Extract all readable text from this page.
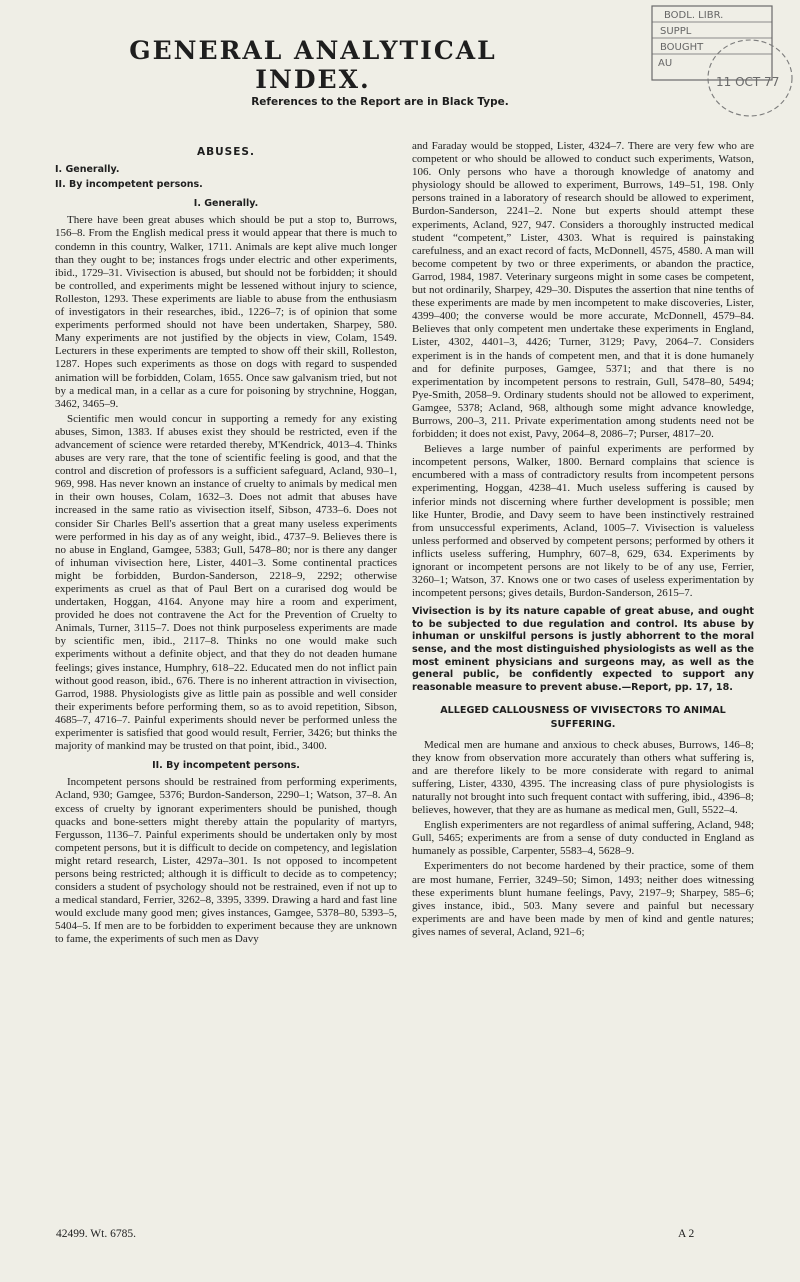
BODL. LIBR.
SUPPL
BOUGHT
AU
11 OCT 77
GENERAL ANALYTICAL INDEX.
References to the Report are in Black Type.
ABUSES.
I. Generally.
II. By incompetent persons.
I. Generally.

There have been great abuses which should be put a stop to, Burrows, 156–8. From the English medical press it would appear that there is much to condemn in this country, Walker, 1711. Animals are kept alive much longer than they ought to be; instances frogs under electric and other experiments, ibid., 1729–31. Vivisection is abused, but should not be forbidden; it should be controlled, and experiments might be lessened without injury to science, Rolleston, 1293. These experiments are liable to abuse from the enthusiasm of investigators in their researches, ibid., 1226–7; is of opinion that some experiments performed should not have been undertaken, Sharpey, 580. Many experiments are not justified by the objects in view, Colam, 1549. Lecturers in these experiments are tempted to show off their skill, Rolleston, 1287. Hopes such experiments as those on dogs with regard to suspended animation will be forbidden, Colam, 1655. Once saw galvanism tried, but not by a medical man, in a cellar as a cure for poisoning by strychnine, Hoggan, 3462, 3465–9.

Scientific men would concur in supporting a remedy for any existing abuses, Simon, 1383. If abuses exist they should be restricted, even if the advancement of science were retarded thereby, M'Kendrick, 4013–4. Thinks abuses are very rare, that the tone of scientific feeling is good, and that the control and discretion of professors is a sufficient safeguard, Acland, 930–1, 969, 998. Has never known an instance of cruelty to animals by medical men in their own houses, Colam, 1632–3. Does not admit that abuses have increased in the same ratio as vivisection itself, Sibson, 4733–6. Does not consider Sir Charles Bell's assertion that a great many useless experiments were performed in his day as of any weight, ibid., 4737–9. Believes there is no abuse in England, Gamgee, 5383; Gull, 5478–80; nor is there any danger of inhuman vivisection here, Lister, 4401–3. Some continental practices might be forbidden, Burdon-Sanderson, 2218–9, 2292; otherwise experiments as cruel as that of Paul Bert on a curarised dog would be undertaken, Hoggan, 4164. Anyone may hire a room and experiment, provided he does not contravene the Act for the Prevention of Cruelty to Animals, Turner, 3115–7. Does not think purposeless experiments are made by scientific men, ibid., 2117–8. Thinks no one would make such experiments without a definite object, and that they do not deaden humane feelings; gives instance, Humphry, 618–22. Educated men do not inflict pain without good reason, ibid., 676. There is no inherent attraction in vivisection, Garrod, 1988. Physiologists give as little pain as possible and well consider their experiments before performing them, so as to avoid repetition, Sibson, 4685–7, 4716–7. Painful experiments should never be performed unless the experimenter is satisfied that good would result, Ferrier, 3426; but thinks the majority of mankind may be trusted on that point, ibid., 3400.

II. By incompetent persons.

Incompetent persons should be restrained from performing experiments, Acland, 930; Gamgee, 5376; Burdon-Sanderson, 2290–1; Watson, 37–8. An excess of cruelty by ignorant experimenters should be punished, though quacks and bone-setters might thereby attain the popularity of martyrs, Fergusson, 1136–7. Painful experiments should be undertaken only by most competent persons, but it is difficult to decide on competency, and legislation might retard research, Lister, 4297a–301. Is not opposed to incompetent persons being restricted; although it is difficult to decide as to competency; considers a student of psychology should not be restrained, even if not up to a medical standard, Ferrier, 3262–8, 3395, 3399. Drawing a hard and fast line would exclude many good men; gives instances, Gamgee, 5378–80, 5393–5, 5404–5. If men are to be forbidden to experiment because they are unknown to fame, the experiments of such men as Davy

and Faraday would be stopped, Lister, 4324–7. There are very few who are competent or who should be allowed to conduct such experiments, Watson, 106. Only persons who have a thorough knowledge of anatomy and physiology should be allowed to experiment, Burrows, 149–51, 198. Only persons trained in a laboratory of research should be allowed to experiment, Burdon-Sanderson, 2241–2. None but experts should attempt these experiments, Acland, 927, 947. Considers a thoroughly instructed medical student “competent,” Lister, 4303. What is required is painstaking carefulness, and an exact record of facts, McDonnell, 4575, 4580. A man will become competent by two or three experiments, or abandon the practice, Garrod, 1984, 1987. Veterinary surgeons might in some cases be competent, but not ordinarily, Sharpey, 429–30. Disputes the assertion that nine tenths of these experiments are made by men incompetent to make discoveries, Lister, 4399–400; the converse would be more accurate, McDonnell, 4579–84. Believes that only competent men undertake these experiments in England, Lister, 4302, 4401–3, 4426; Turner, 3129; Pavy, 2064–7. Considers experiment is in the hands of competent men, and that it is done humanely and for definite purposes, Gamgee, 5371; and that there is no experimentation by incompetent persons to restrain, Gull, 5478–80, 5494; Pye-Smith, 2058–9. Ordinary students should not be allowed to experiment, Gamgee, 5378; Acland, 968, although some might advance knowledge, Burrows, 200–3, 211. Private experimentation among students need not be forbidden; it does not exist, Pavy, 2064–8, 2086–7; Purser, 4817–20.

Believes a large number of painful experiments are performed by incompetent persons, Walker, 1800. Bernard complains that science is encumbered with a mass of contradictory results from incompetent persons experimenting, Hoggan, 4238–41. Much useless suffering is caused by inferior minds not discerning where further development is possible; men like Hunter, Brodie, and Davy seem to have been instinctively restrained from unsuccessful experiments, Acland, 1005–7. Vivisection is valueless unless performed and observed by competent persons; performed by others it inflicts useless suffering, Humphry, 607–8, 629, 634. Experiments by ignorant or incompetent persons are not likely to be of any use, Ferrier, 3260–1; Watson, 37. Knows one or two cases of useless experimentation by incompetent persons; gives details, Burdon-Sanderson, 2615–7.

Vivisection is by its nature capable of great abuse, and ought to be subjected to due regulation and control. Its abuse by inhuman or unskilful persons is justly abhorrent to the moral sense, and the most distinguished physiologists as well as the most eminent physicians and surgeons may, as well as the general public, be confidently expected to support any reasonable measure to prevent abuse.—Report, pp. 17, 18.
ALLEGED CALLOUSNESS OF VIVISECTORS TO ANIMAL SUFFERING.

Medical men are humane and anxious to check abuses, Burrows, 146–8; they know from observation more accurately than others what suffering is, and are therefore likely to be more considerate with regard to animal suffering, Lister, 4330, 4395. The increasing class of pure physiologists is naturally not brought into such frequent contact with suffering, ibid., 4396–8; believes, however, that they are as humane as medical men, Gull, 5522–4.

English experimenters are not regardless of animal suffering, Acland, 948; Gull, 5465; experiments are from a sense of duty conducted in England as humanely as possible, Carpenter, 5583–4, 5628–9.

Experimenters do not become hardened by their practice, some of them are most humane, Ferrier, 3249–50; Simon, 1493; neither does witnessing these experiments blunt humane feelings, Pavy, 2197–9; Sharpey, 585–6; gives instance, ibid., 503. Many severe and painful but necessary experiments are and have been made by men of kind and gentle natures; gives names of several, Acland, 921–6;

42499. Wt. 6785.	A 2
